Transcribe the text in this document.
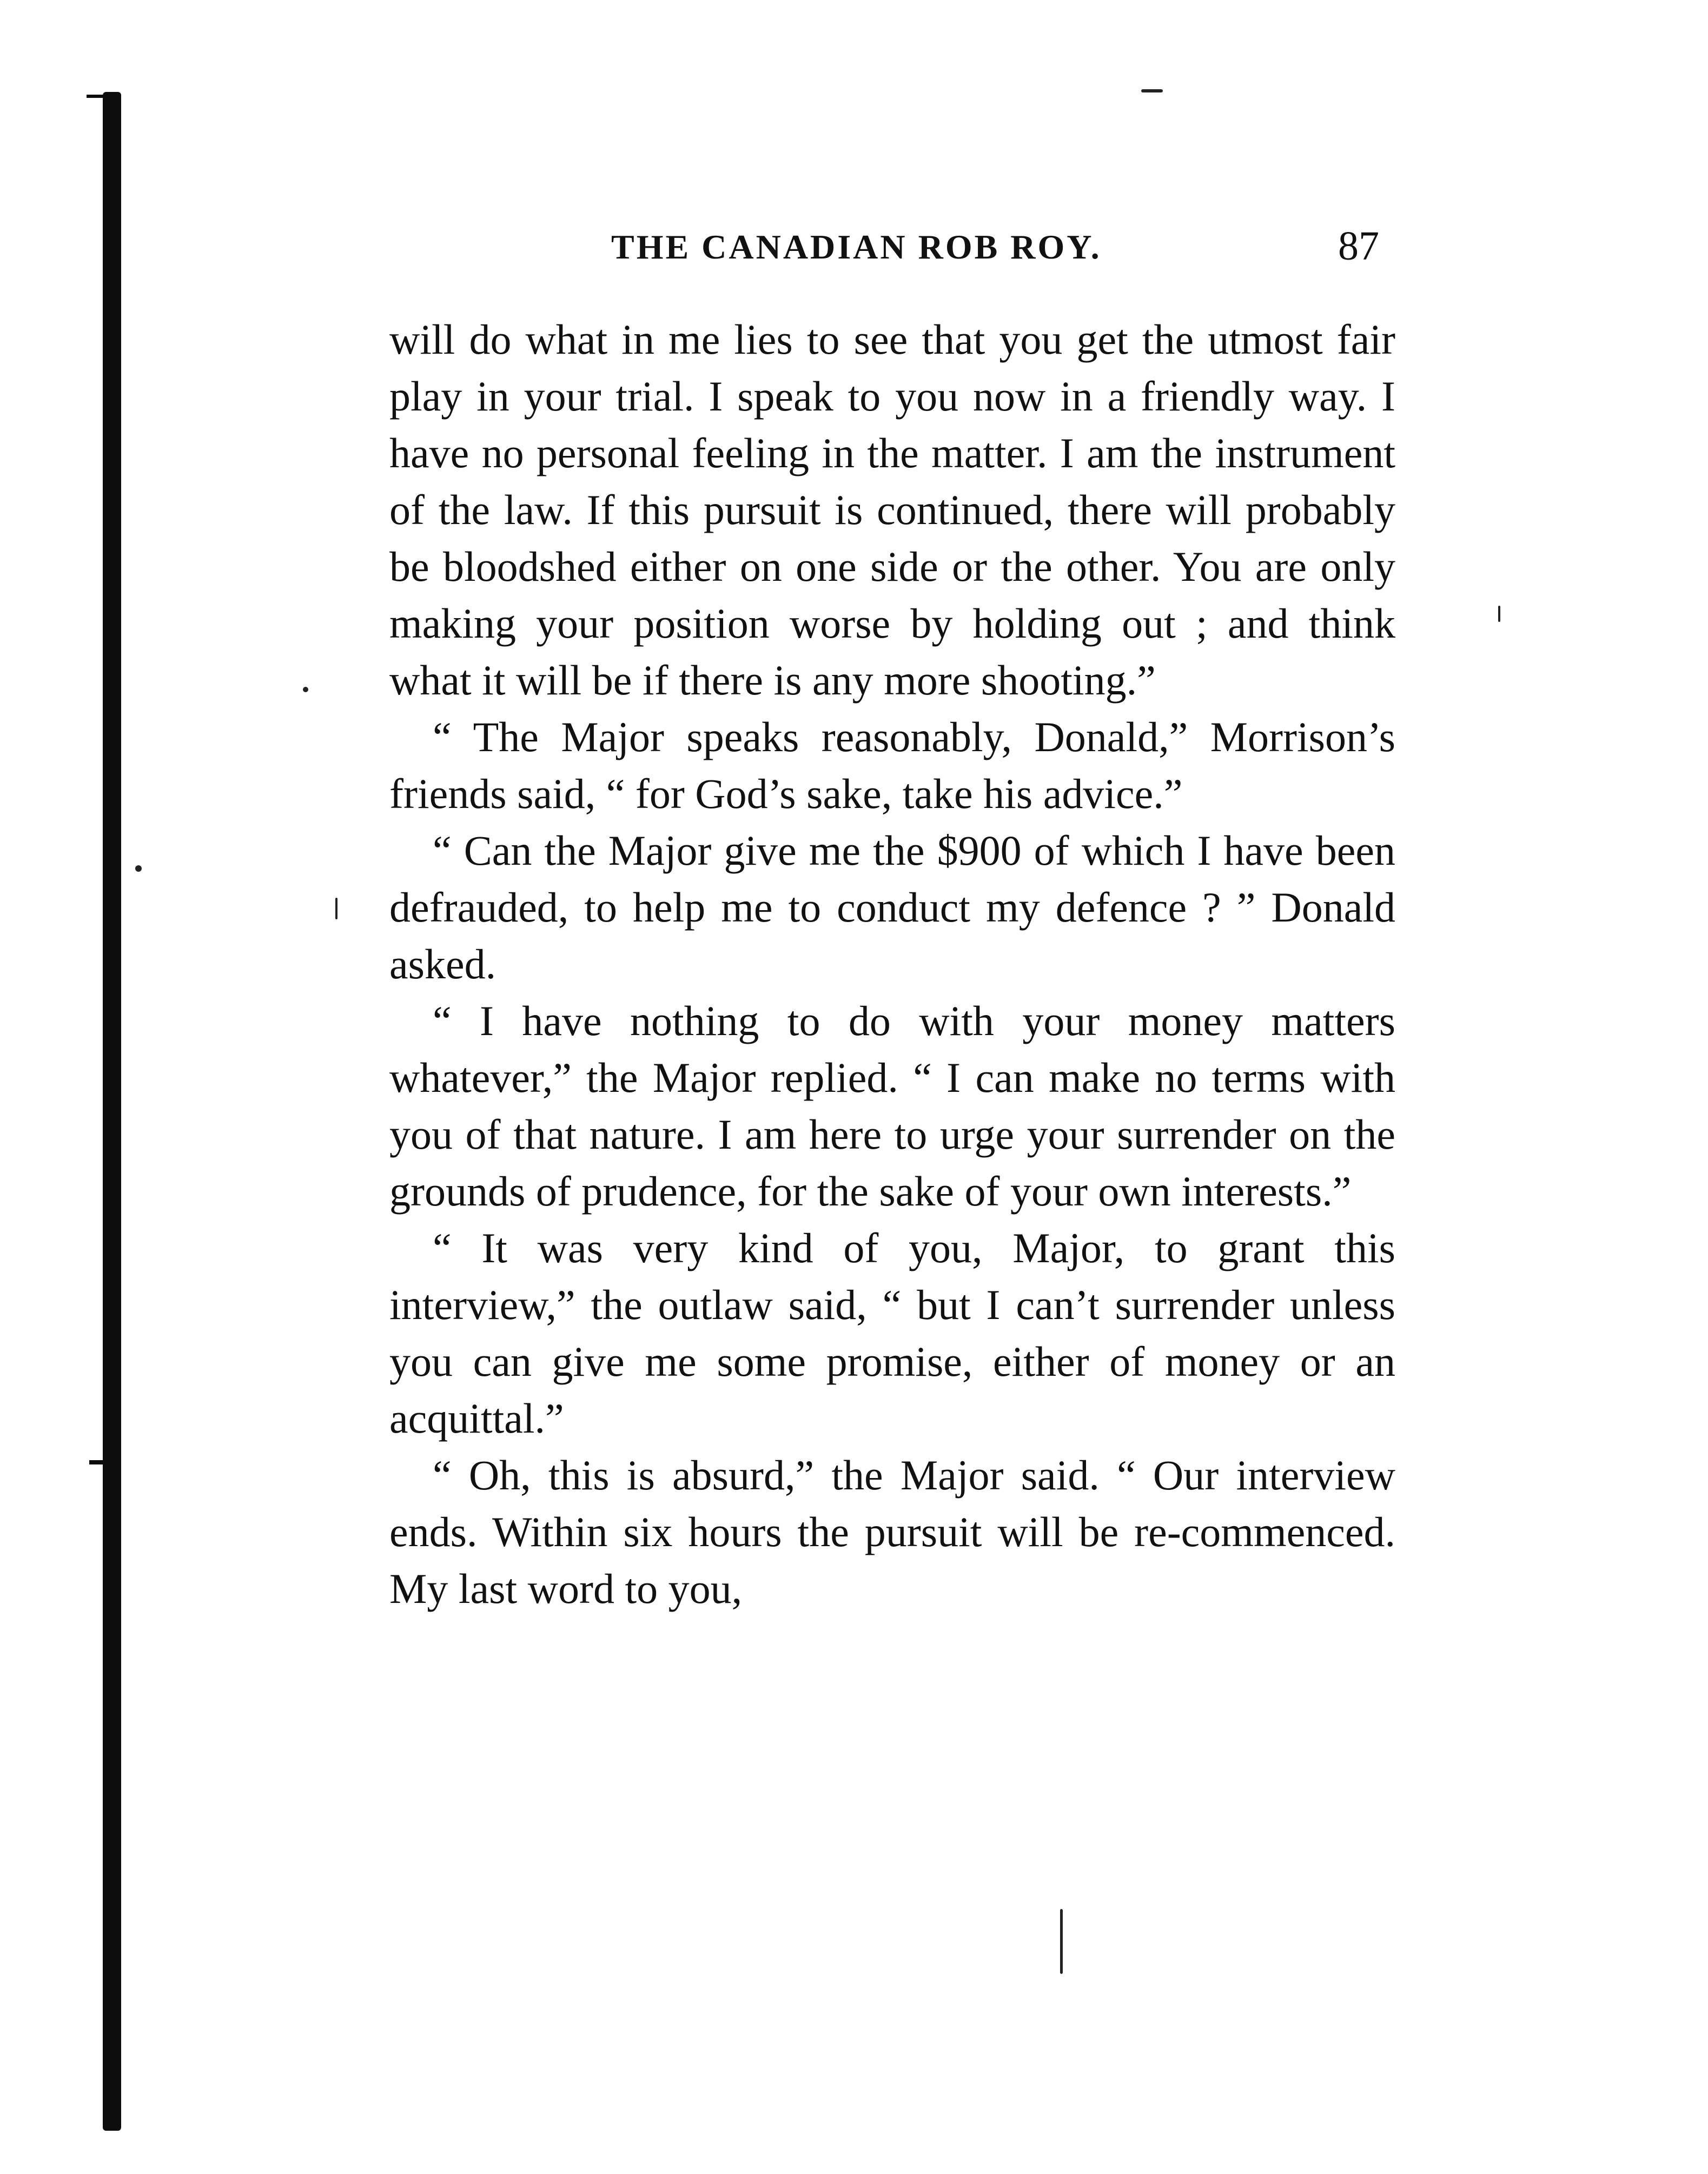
THE CANADIAN ROB ROY.	87

will do what in me lies to see that you get the utmost fair play in your trial. I speak to you now in a friendly way. I have no personal feeling in the matter. I am the instrument of the law. If this pursuit is continued, there will probably be bloodshed either on one side or the other. You are only making your position worse by holding out ; and think what it will be if there is any more shooting.”

“ The Major speaks reasonably, Donald,” Morrison’s friends said, “ for God’s sake, take his advice.”

“ Can the Major give me the $900 of which I have been defrauded, to help me to conduct my defence ? ” Donald asked.

“ I have nothing to do with your money matters whatever,” the Major replied. “ I can make no terms with you of that nature. I am here to urge your surrender on the grounds of prudence, for the sake of your own interests.”

“ It was very kind of you, Major, to grant this interview,” the outlaw said, “ but I can’t surrender unless you can give me some promise, either of money or an acquittal.”

“ Oh, this is absurd,” the Major said. “ Our interview ends. Within six hours the pursuit will be re-commenced. My last word to you,
